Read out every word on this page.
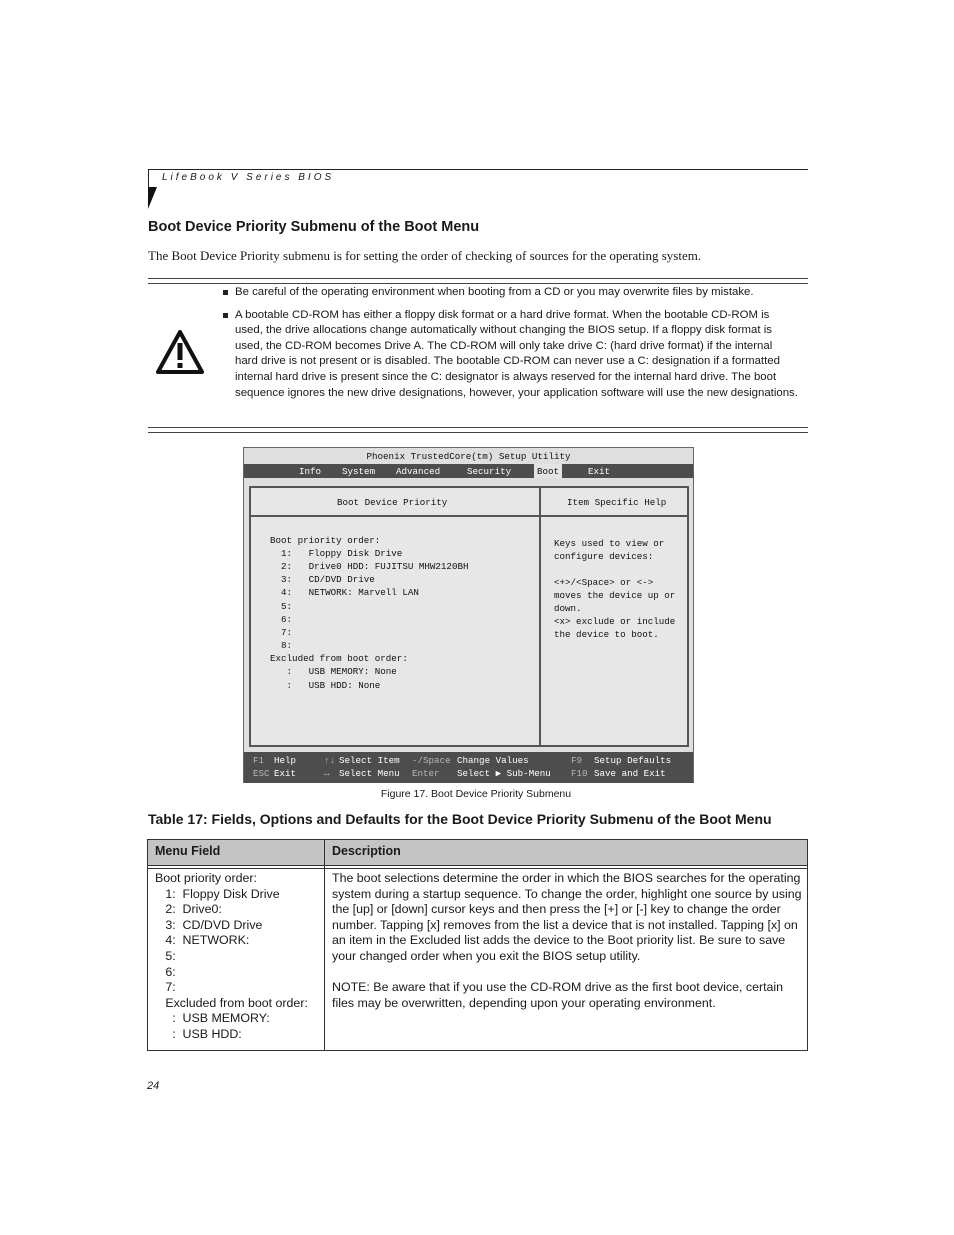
LifeBook V Series BIOS
Boot Device Priority Submenu of the Boot Menu

The Boot Device Priority submenu is for setting the order of checking of sources for the operating system.

Be careful of the operating environment when booting from a CD or you may overwrite files by mistake.
A bootable CD-ROM has either a floppy disk format or a hard drive format. When the bootable CD-ROM is used, the drive allocations change automatically without changing the BIOS setup. If a floppy disk format is used, the CD-ROM becomes Drive A. The CD-ROM will only take drive C: (hard drive format) if the internal hard drive is not present or is disabled. The bootable CD-ROM can never use a C: designation if a formatted internal hard drive is present since the C: designator is always reserved for the internal hard drive. The boot sequence ignores the new drive designations, however, your application software will use the new designations.
Phoenix TrustedCore(tm) Setup Utility
Info System Advanced	Security	Boot	Exit
Boot Device Priority	Item Specific Help
Boot priority order:
1:   Floppy Disk Drive
2:   Drive0 HDD: FUJITSU MHW2120BH
3:   CD/DVD Drive
4:   NETWORK: Marvell LAN
5:
6:
7:
8:
Excluded from boot order:
:   USB MEMORY: None
:   USB HDD: None
Keys used to view or
configure devices:
<+>/<Space> or <->
moves the device up or
down.
<x> exclude or include
the device to boot.
F1 Help	↑↓ Select Item -/Space Change Values	F9 Setup Defaults
ESC Exit	↔ Select Menu Enter Select ▶ Sub-Menu F10 Save and Exit
Figure 17. Boot Device Priority Submenu
Table 17: Fields, Options and Defaults for the Boot Device Priority Submenu of the Boot Menu
Menu Field	Description
Boot priority order:
1:  Floppy Disk Drive
2:  Drive0:
3:  CD/DVD Drive
4:  NETWORK:
5:
6:
7:
Excluded from boot order:
:  USB MEMORY:
:  USB HDD:

The boot selections determine the order in which the BIOS searches for the operating system during a startup sequence. To change the order, highlight one source by using the [up] or [down] cursor keys and then press the [+] or [-] key to change the order number. Tapping [x] removes from the list a device that is not installed. Tapping [x] on an item in the Excluded list adds the device to the Boot priority list. Be sure to save your changed order when you exit the BIOS setup utility.

NOTE: Be aware that if you use the CD-ROM drive as the first boot device, certain files may be overwritten, depending upon your operating environment.

24
